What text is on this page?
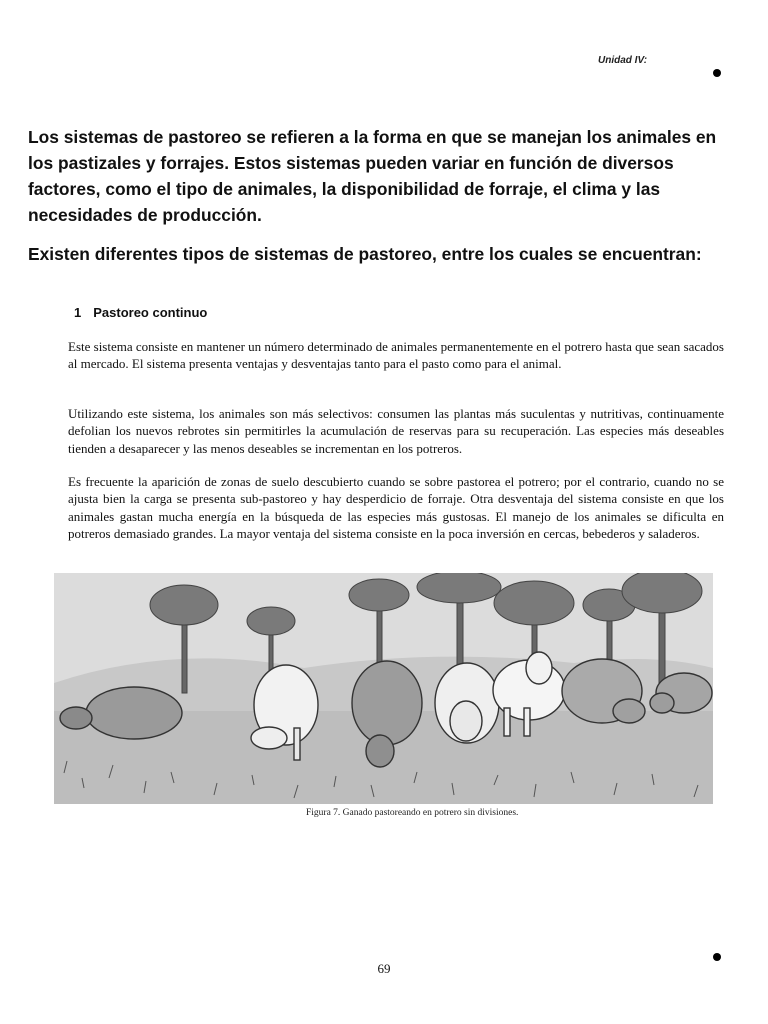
Unidad IV:

Los sistemas de pastoreo se refieren a la forma en que se manejan los animales en los pastizales y forrajes. Estos sistemas pueden variar en función de diversos factores, como el tipo de animales, la disponibilidad de forraje, el clima y las necesidades de producción.

Existen diferentes tipos de sistemas de pastoreo, entre los cuales se encuentran:

1 Pastoreo continuo

Este sistema consiste en mantener un número determinado de animales permanentemente en el potrero hasta que sean sacados al mercado. El sistema presenta ventajas y desventajas tanto para el pasto como para el animal.

Utilizando este sistema, los animales son más selectivos: consumen las plantas más suculentas y nutritivas, continuamente defolian los nuevos rebrotes sin permitirles la acumulación de reservas para su recuperación. Las especies más deseables tienden a desaparecer y las menos deseables se incrementan en los potreros.

Es frecuente la aparición de zonas de suelo descubierto cuando se sobre pastorea el potrero; por el contrario, cuando no se ajusta bien la carga se presenta sub-pastoreo y hay desperdicio de forraje. Otra desventaja del sistema consiste en que los animales gastan mucha energía en la búsqueda de las especies más gustosas. El manejo de los animales se dificulta en potreros demasiado grandes. La mayor ventaja del sistema consiste en la poca inversión en cercas, bebederos y saladeros.

Figura 7. Ganado pastoreando en potrero sin divisiones.
69
